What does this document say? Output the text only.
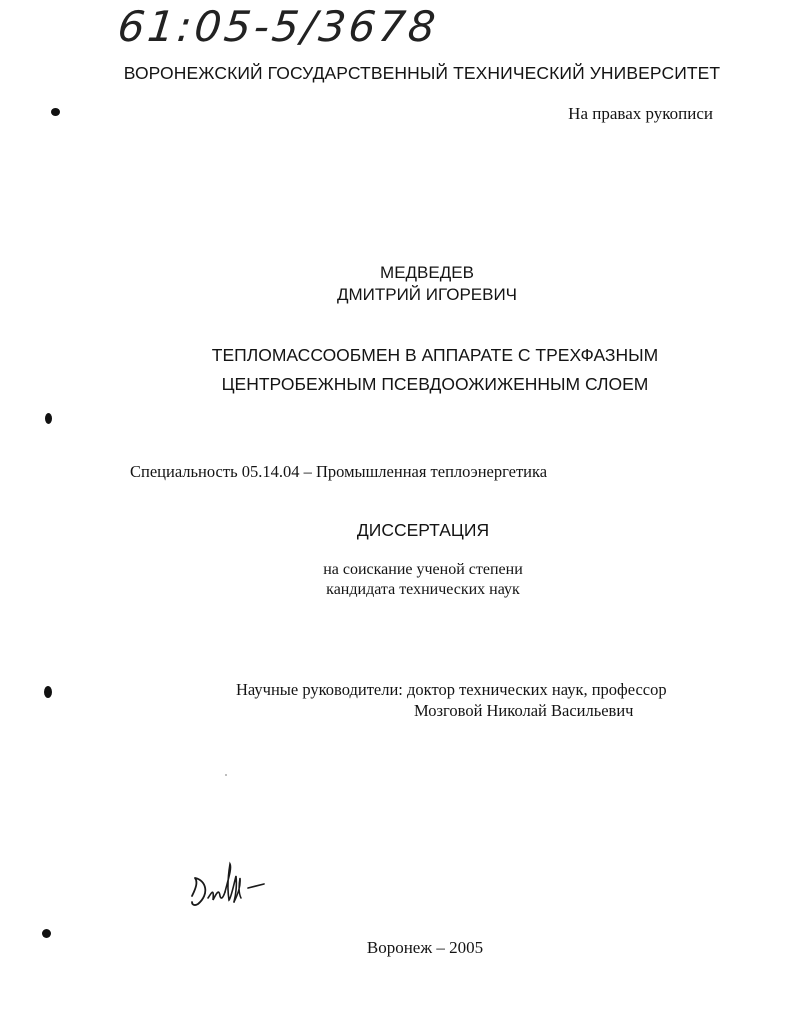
61:05-5/3678
ВОРОНЕЖСКИЙ ГОСУДАРСТВЕННЫЙ ТЕХНИЧЕСКИЙ УНИВЕРСИТЕТ
На правах рукописи
МЕДВЕДЕВ
ДМИТРИЙ ИГОРЕВИЧ
ТЕПЛОМАССООБМЕН В АППАРАТЕ С ТРЕХФАЗНЫМ
ЦЕНТРОБЕЖНЫМ ПСЕВДООЖИЖЕННЫМ СЛОЕМ
Специальность 05.14.04 – Промышленная теплоэнергетика
ДИССЕРТАЦИЯ
на соискание ученой степени
кандидата технических наук
Научные руководители: доктор технических наук, профессор
Мозговой Николай Васильевич
Воронеж – 2005
